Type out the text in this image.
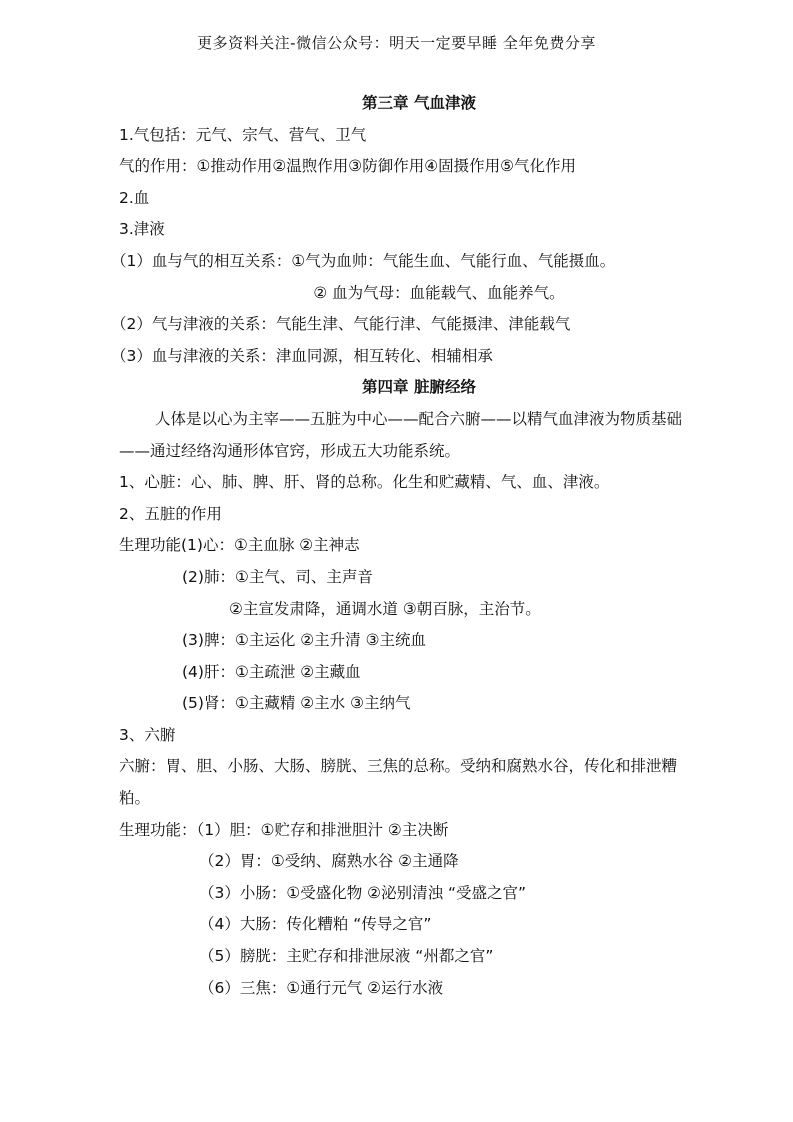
更多资料关注-微信公众号：明天一定要早睡 全年免费分享
第三章 气血津液
1.气包括：元气、宗气、营气、卫气
气的作用：①推动作用②温煦作用③防御作用④固摄作用⑤气化作用
2.血
3.津液
（1）血与气的相互关系：①气为血帅：气能生血、气能行血、气能摄血。
② 血为气母：血能载气、血能养气。
（2）气与津液的关系：气能生津、气能行津、气能摄津、津能载气
（3）血与津液的关系：津血同源，相互转化、相辅相承
第四章 脏腑经络
人体是以心为主宰——五脏为中心——配合六腑——以精气血津液为物质基础——通过经络沟通形体官窍，形成五大功能系统。
1、心脏：心、肺、脾、肝、肾的总称。化生和贮藏精、气、血、津液。
2、五脏的作用
生理功能(1)心：①主血脉 ②主神志
(2)肺：①主气、司、主声音
②主宣发肃降，通调水道 ③朝百脉，主治节。
(3)脾：①主运化 ②主升清 ③主统血
(4)肝：①主疏泄 ②主藏血
(5)肾：①主藏精 ②主水 ③主纳气
3、六腑
六腑：胃、胆、小肠、大肠、膀胱、三焦的总称。受纳和腐熟水谷，传化和排泄糟粕。
生理功能：（1）胆：①贮存和排泄胆汁 ②主决断
（2）胃：①受纳、腐熟水谷 ②主通降
（3）小肠：①受盛化物 ②泌别清浊 “受盛之官”
（4）大肠：传化糟粕 “传导之官”
（5）膀胱：主贮存和排泄尿液 “州都之官”
（6）三焦：①通行元气 ②运行水液
